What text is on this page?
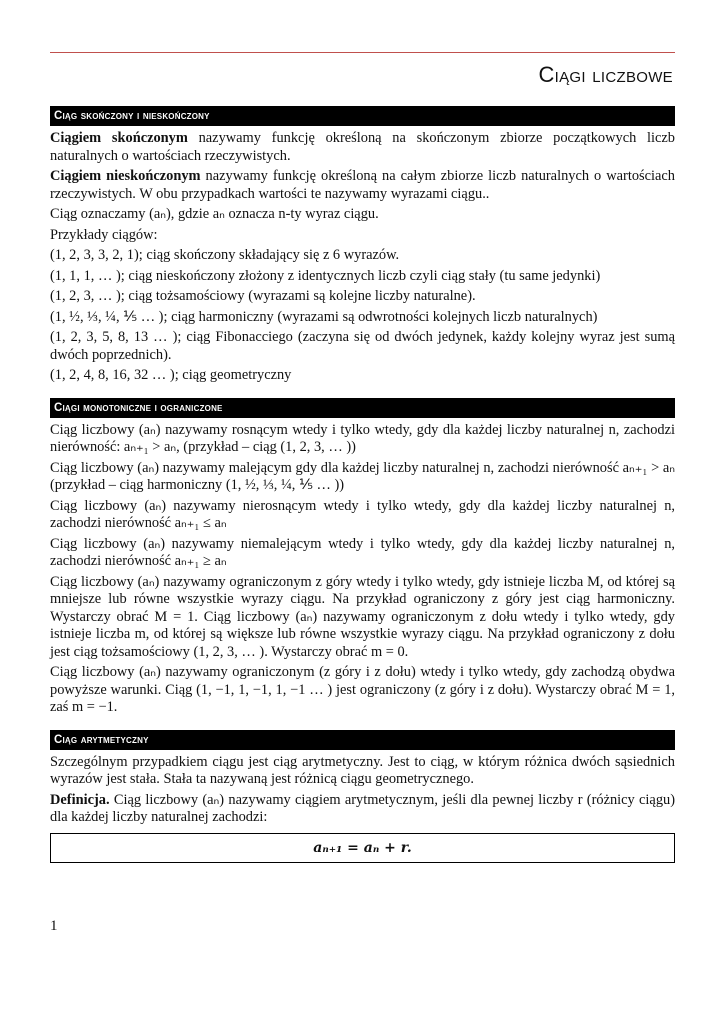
Ciągi liczbowe
Ciąg skończony i nieskończony

Ciągiem skończonym nazywamy funkcję określoną na skończonym zbiorze początkowych liczb naturalnych o wartościach rzeczywistych.

Ciągiem nieskończonym nazywamy funkcję określoną na całym zbiorze liczb naturalnych o wartościach rzeczywistych. W obu przypadkach wartości te nazywamy wyrazami ciągu..

Ciąg oznaczamy (aₙ), gdzie aₙ oznacza n-ty wyraz ciągu.

Przykłady ciągów:

(1, 2, 3, 3, 2, 1); ciąg skończony składający się z 6 wyrazów.

(1, 1, 1, … ); ciąg nieskończony złożony z identycznych liczb czyli ciąg stały (tu same jedynki)

(1, 2, 3, … ); ciąg tożsamościowy (wyrazami są kolejne liczby naturalne).

(1, ½, ⅓, ¼, ⅕ … ); ciąg harmoniczny (wyrazami są odwrotności kolejnych liczb naturalnych)

(1, 2, 3, 5, 8, 13 … ); ciąg Fibonacciego (zaczyna się od dwóch jedynek, każdy kolejny wyraz jest sumą dwóch poprzednich).

(1, 2, 4, 8, 16, 32 … ); ciąg geometryczny

Ciągi monotoniczne i ograniczone

Ciąg liczbowy (aₙ) nazywamy rosnącym wtedy i tylko wtedy, gdy dla każdej liczby naturalnej n, zachodzi nierówność: aₙ₊₁ > aₙ, (przykład – ciąg (1, 2, 3, … ))

Ciąg liczbowy (aₙ) nazywamy malejącym gdy dla każdej liczby naturalnej n, zachodzi nierówność aₙ₊₁ > aₙ (przykład – ciąg harmoniczny (1, ½, ⅓, ¼, ⅕ … ))

Ciąg liczbowy (aₙ) nazywamy nierosnącym wtedy i tylko wtedy, gdy dla każdej liczby naturalnej n, zachodzi nierówność aₙ₊₁ ≤ aₙ

Ciąg liczbowy (aₙ) nazywamy niemalejącym wtedy i tylko wtedy, gdy dla każdej liczby naturalnej n, zachodzi nierówność aₙ₊₁ ≥ aₙ

Ciąg liczbowy (aₙ) nazywamy ograniczonym z góry wtedy i tylko wtedy, gdy istnieje liczba M, od której są mniejsze lub równe wszystkie wyrazy ciągu. Na przykład ograniczony z góry jest ciąg harmoniczny. Wystarczy obrać M = 1. Ciąg liczbowy (aₙ) nazywamy ograniczonym z dołu wtedy i tylko wtedy, gdy istnieje liczba m, od której są większe lub równe wszystkie wyrazy ciągu. Na przykład ograniczony z dołu jest ciąg tożsamościowy (1, 2, 3, … ). Wystarczy obrać m = 0.

Ciąg liczbowy (aₙ) nazywamy ograniczonym (z góry i z dołu) wtedy i tylko wtedy, gdy zachodzą obydwa powyższe warunki. Ciąg (1, −1, 1, −1, 1, −1 … ) jest ograniczony (z góry i z dołu). Wystarczy obrać M = 1, zaś m = −1.

Ciąg arytmetyczny

Szczególnym przypadkiem ciągu jest ciąg arytmetyczny. Jest to ciąg, w którym różnica dwóch sąsiednich wyrazów jest stała. Stała ta nazywaną jest różnicą ciągu geometrycznego.

Definicja. Ciąg liczbowy (aₙ) nazywamy ciągiem arytmetycznym, jeśli dla pewnej liczby r (różnicy ciągu) dla każdej liczby naturalnej zachodzi:

aₙ₊₁ = aₙ + r.
1
